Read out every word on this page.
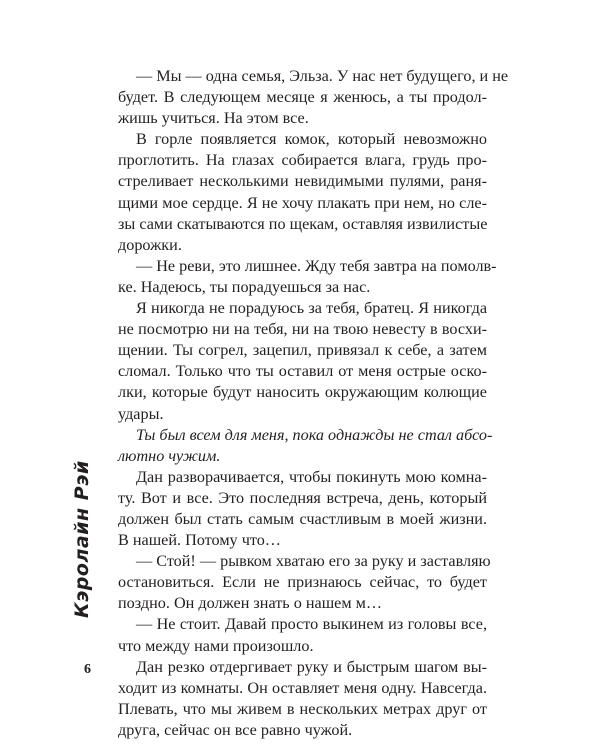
— Мы — одна семья, Эльза. У нас нет будущего, и не
будет. В следующем месяце я женюсь, а ты продол-
жишь учиться. На этом все.
В горле появляется комок, который невозможно
проглотить. На глазах собирается влага, грудь про-
стреливает несколькими невидимыми пулями, раня-
щими мое сердце. Я не хочу плакать при нем, но сле-
зы сами скатываются по щекам, оставляя извилистые
дорожки.
— Не реви, это лишнее. Жду тебя завтра на помолв-
ке. Надеюсь, ты порадуешься за нас.
Я никогда не порадуюсь за тебя, братец. Я никогда
не посмотрю ни на тебя, ни на твою невесту в восхи-
щении. Ты согрел, зацепил, привязал к себе, а затем
сломал. Только что ты оставил от меня острые оско-
лки, которые будут наносить окружающим колющие
удары.
Ты был всем для меня, пока однажды не стал абсо-
лютно чужим.
Дан разворачивается, чтобы покинуть мою комна-
ту. Вот и все. Это последняя встреча, день, который
должен был стать самым счастливым в моей жизни.
В нашей. Потому что…
— Стой! — рывком хватаю его за руку и заставляю
остановиться. Если не признаюсь сейчас, то будет
поздно. Он должен знать о нашем м…
— Не стоит. Давай просто выкинем из головы все,
что между нами произошло.
Дан резко отдергивает руку и быстрым шагом вы-
ходит из комнаты. Он оставляет меня одну. Навсегда.
Плевать, что мы живем в нескольких метрах друг от
друга, сейчас он все равно чужой.
Кэролайн Рэй
6
